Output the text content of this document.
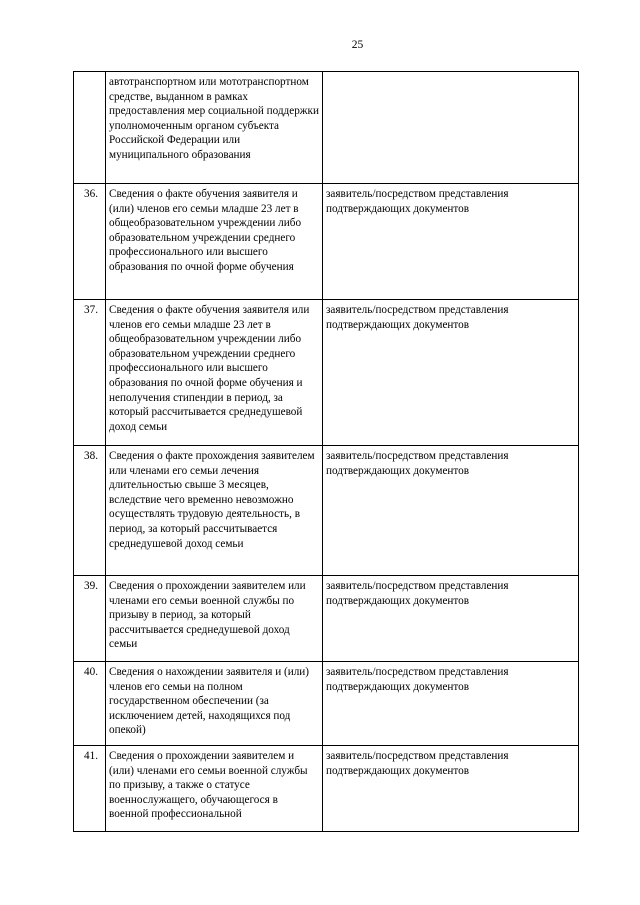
25

	автотранспортном или мототранспортном средстве, выданном в рамках предоставления мер социальной поддержки уполномоченным органом субъекта Российской Федерации или муниципального образования	

36.	Сведения о факте обучения заявителя и (или) членов его семьи младше 23 лет в общеобразовательном учреждении либо образовательном учреждении среднего профессионального или высшего образования по очной форме обучения	заявитель/посредством представления подтверждающих документов

37.	Сведения о факте обучения заявителя или членов его семьи младше 23 лет в общеобразовательном учреждении либо образовательном учреждении среднего профессионального или высшего образования по очной форме обучения и неполучения стипендии в период, за который рассчитывается среднедушевой доход семьи	заявитель/посредством представления подтверждающих документов

38.	Сведения о факте прохождения заявителем или членами его семьи лечения длительностью свыше 3 месяцев, вследствие чего временно невозможно осуществлять трудовую деятельность, в период, за который рассчитывается среднедушевой доход семьи	заявитель/посредством представления подтверждающих документов

39.	Сведения о прохождении заявителем или членами его семьи военной службы по призыву в период, за который рассчитывается среднедушевой доход семьи	заявитель/посредством представления подтверждающих документов

40.	Сведения о нахождении заявителя и (или) членов его семьи на полном государственном обеспечении (за исключением детей, находящихся под опекой)	заявитель/посредством представления подтверждающих документов

41.	Сведения о прохождении заявителем и (или) членами его семьи военной службы по призыву, а также о статусе военнослужащего, обучающегося в военной профессиональной	заявитель/посредством представления подтверждающих документов
